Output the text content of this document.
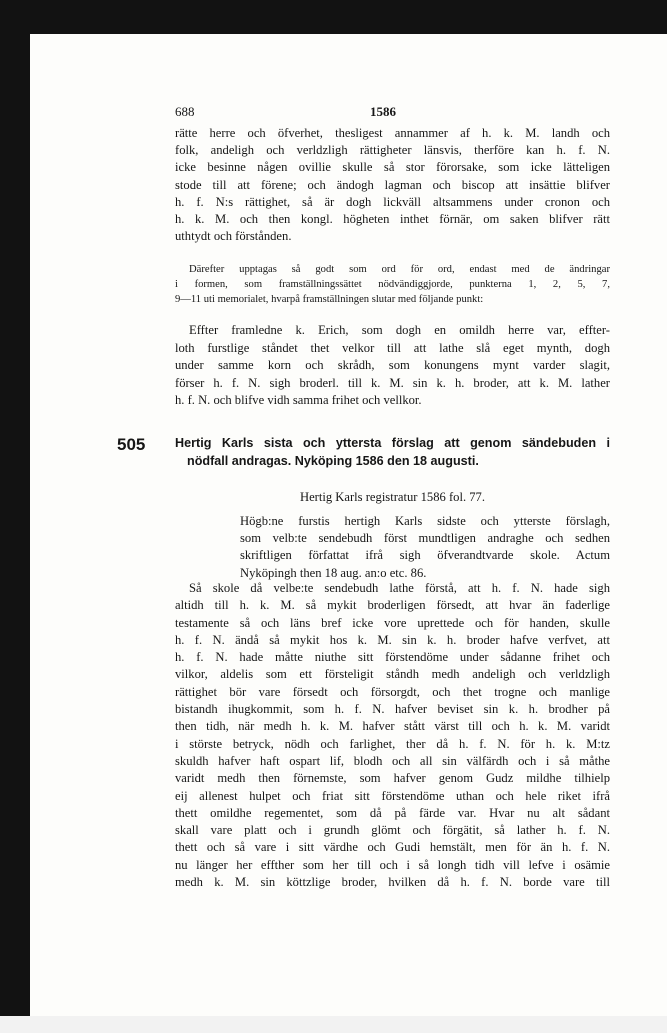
688	1586
rätte herre och öfverhet, thesligest annammer af h. k. M. landh och
folk, andeligh och verldzligh rättigheter länsvis, therföre kan h. f. N.
icke besinne någen ovillie skulle så stor förorsake, som icke lätteligen
stode till att förene; och ändogh lagman och biscop att insättie blifver
h. f. N:s rättighet, så är dogh lickväll altsammens under cronon och
h. k. M. och then kongl. högheten inthet förnär, om saken blifver rätt
uthtydt och förstånden.
Därefter upptagas så godt som ord för ord, endast med de ändringar
i formen, som framställningssättet nödvändiggjorde, punkterna 1, 2, 5, 7,
9—11 uti memorialet, hvarpå framställningen slutar med följande punkt:
Effter framledne k. Erich, som dogh en omildh herre var, effter-
loth furstlige ståndet thet velkor till att lathe slå eget mynth, dogh
under samme korn och skrådh, som konungens mynt varder slagit,
förser h. f. N. sigh broderl. till k. M. sin k. h. broder, att k. M. lather
h. f. N. och blifve vidh samma frihet och vellkor.
505 Hertig Karls sista och yttersta förslag att genom sändebuden i
nödfall andragas. Nyköping 1586 den 18 augusti.
Hertig Karls registratur 1586 fol. 77.
Högb:ne furstis hertigh Karls sidste och ytterste förslagh,
som velb:te sendebudh först mundtligen andraghe och sedhen
skriftligen författat ifrå sigh öfverandtvarde skole. Actum
Nyköpingh then 18 aug. an:o etc. 86.
Så skole då velbe:te sendebudh lathe förstå, att h. f. N. hade sigh
altidh till h. k. M. så mykit broderligen försedt, att hvar än faderlige
testamente så och läns bref icke vore uprettede och för handen, skulle
h. f. N. ändå så mykit hos k. M. sin k. h. broder hafve verfvet, att
h. f. N. hade måtte niuthe sitt förstendöme under sådanne frihet och
vilkor, aldelis som ett försteligit ståndh medh andeligh och verldzligh
rättighet bör vare försedt och försorgdt, och thet trogne och manlige
bistandh ihugkommit, som h. f. N. hafver beviset sin k. h. brodher på
then tidh, när medh h. k. M. hafver stått värst till och h. k. M. varidt
i störste betryck, nödh och farlighet, ther då h. f. N. för h. k. M:tz
skuldh hafver haft ospart lif, blodh och all sin välfärdh och i så måthe
varidt medh then förnemste, som hafver genom Gudz mildhe tilhielp
eij allenest hulpet och friat sitt förstendöme uthan och hele riket ifrå
thett omildhe regementet, som då på färde var. Hvar nu alt sådant
skall vare platt och i grundh glömt och förgätit, så lather h. f. N.
thett och så vare i sitt värdhe och Gudi hemstält, men för än h. f. N.
nu länger her effther som her till och i så longh tidh vill lefve i osämie
medh k. M. sin köttzlige broder, hvilken då h. f. N. borde vare till
